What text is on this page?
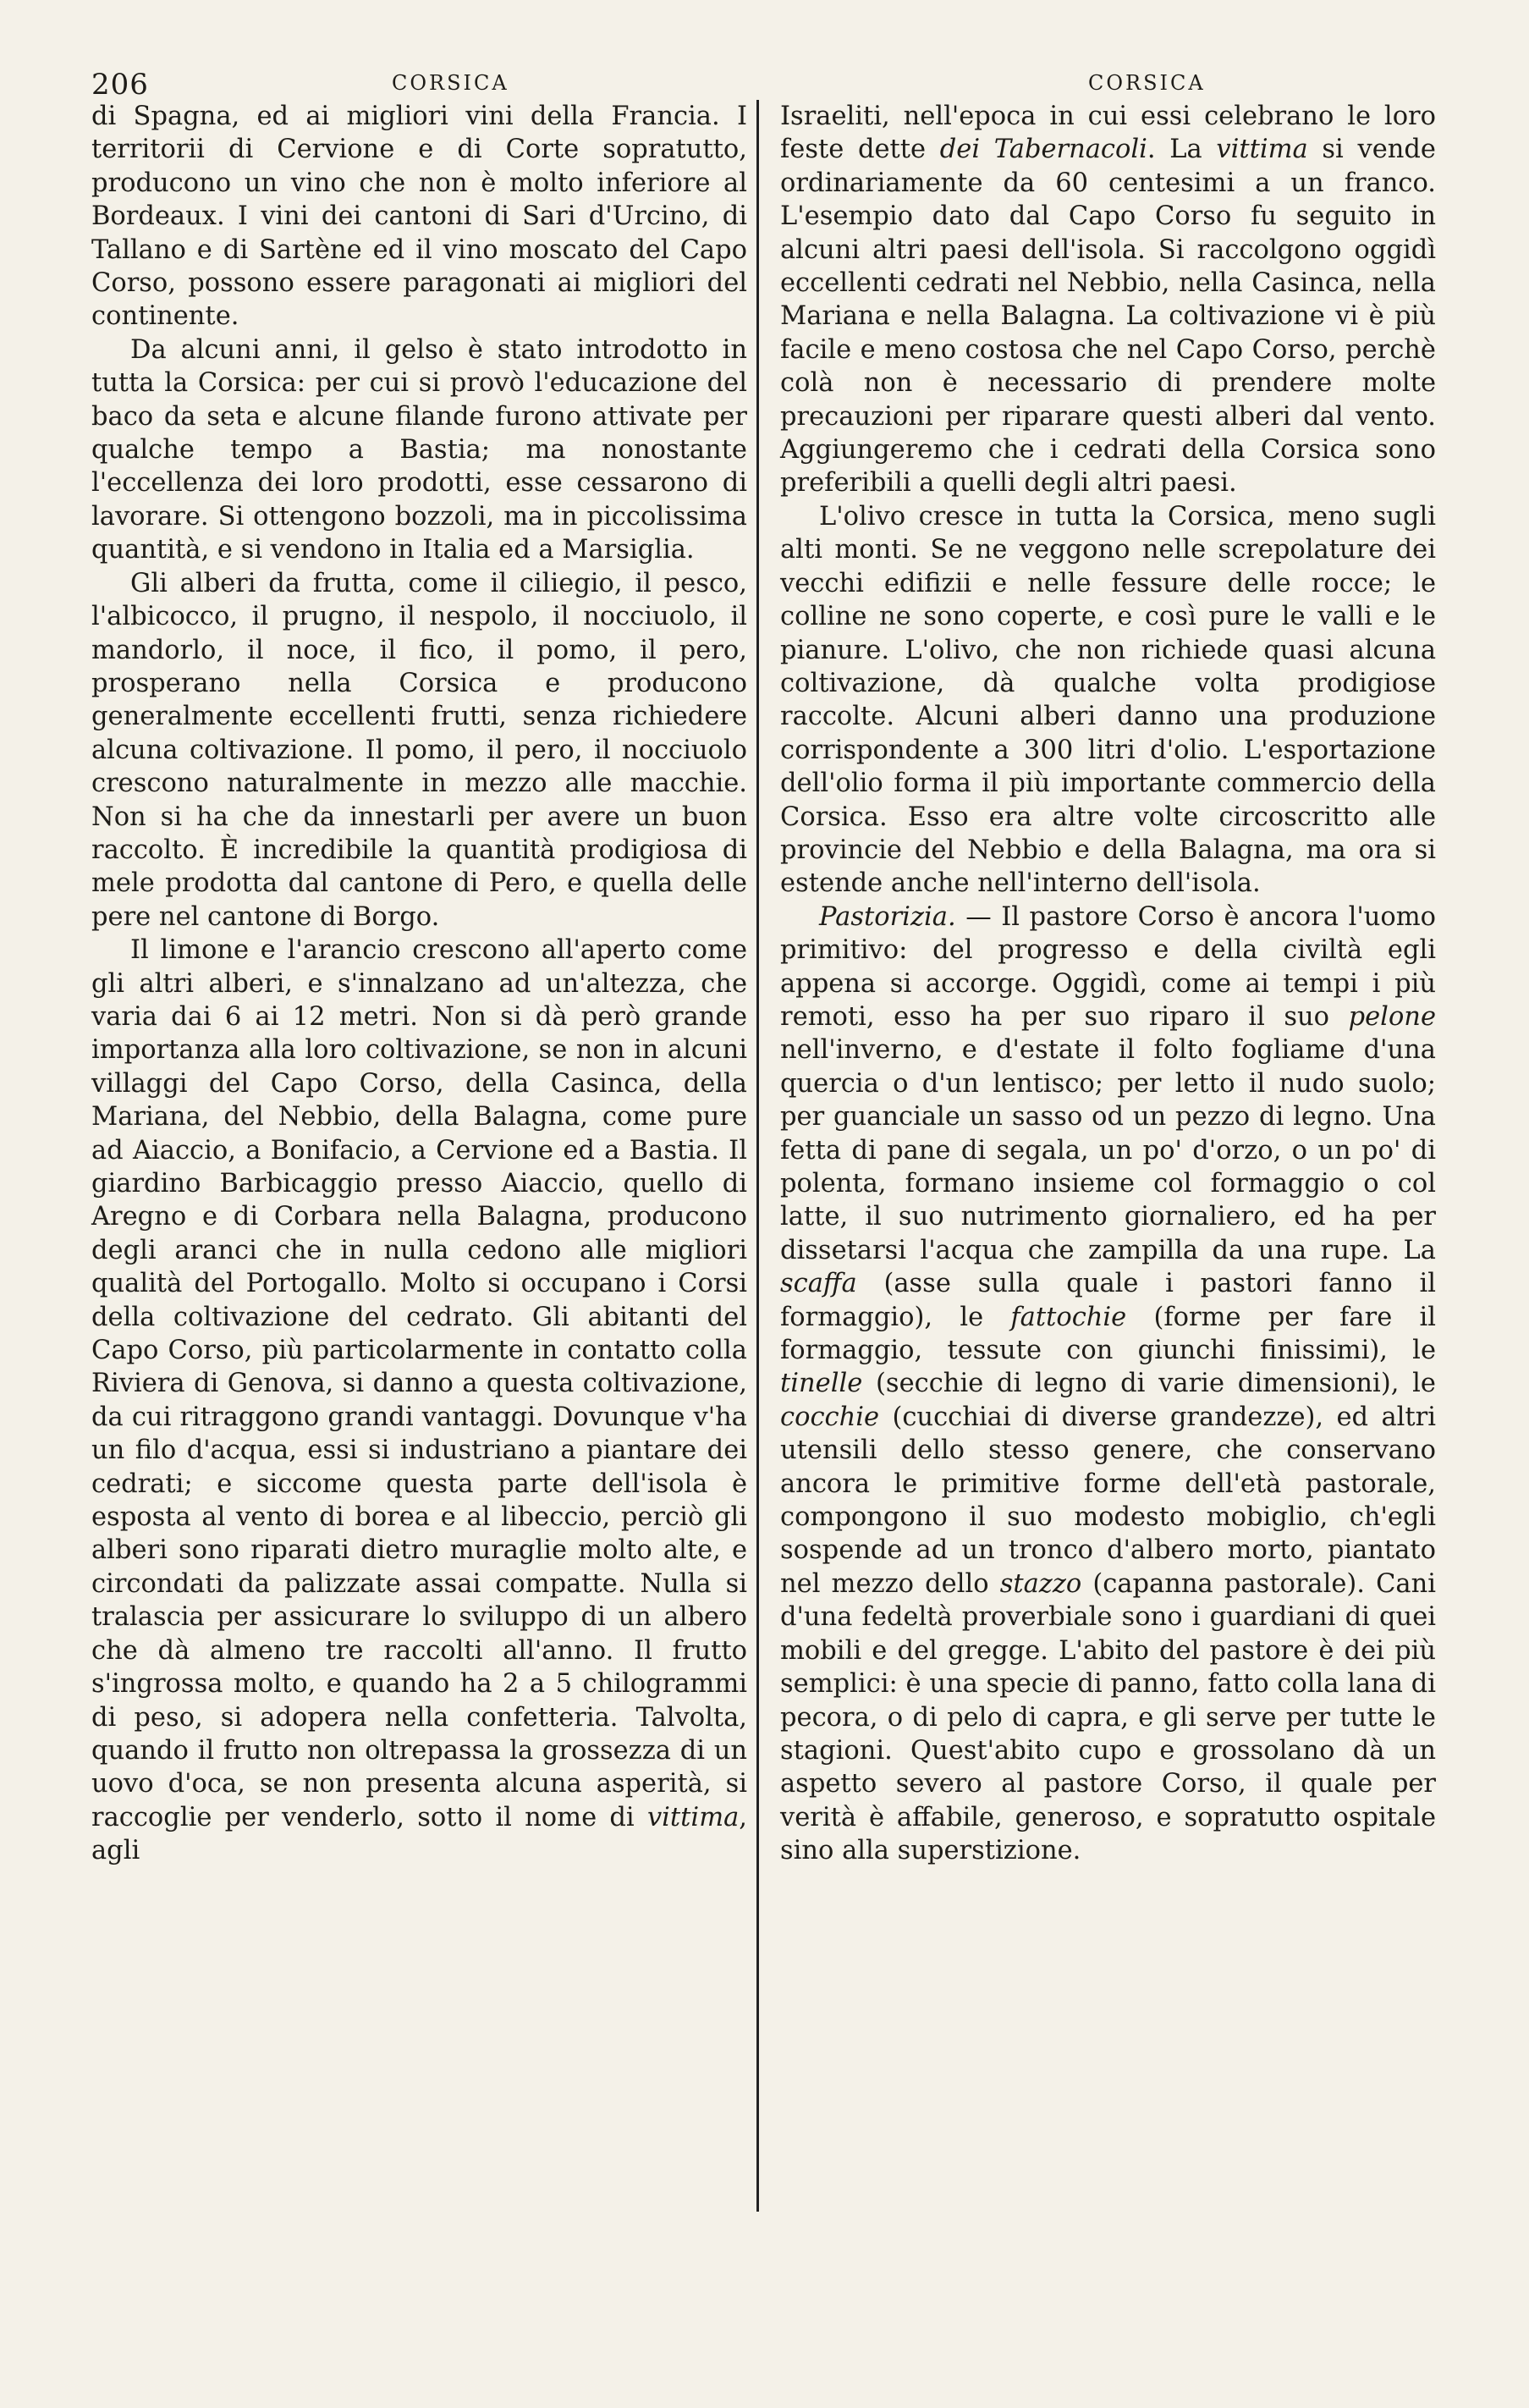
206	CORSICA	CORSICA

di Spagna, ed ai migliori vini della Francia. I territorii di Cervione e di Corte sopratutto, producono un vino che non è molto inferiore al Bordeaux. I vini dei cantoni di Sari d'Urcino, di Tallano e di Sartène ed il vino moscato del Capo Corso, possono essere paragonati ai migliori del continente.

Da alcuni anni, il gelso è stato introdotto in tutta la Corsica: per cui si provò l'educazione del baco da seta e alcune filande furono attivate per qualche tempo a Bastia; ma nonostante l'eccellenza dei loro prodotti, esse cessarono di lavorare. Si ottengono bozzoli, ma in piccolissima quantità, e si vendono in Italia ed a Marsiglia.

Gli alberi da frutta, come il ciliegio, il pesco, l'albicocco, il prugno, il nespolo, il nocciuolo, il mandorlo, il noce, il fico, il pomo, il pero, prosperano nella Corsica e producono generalmente eccellenti frutti, senza richiedere alcuna coltivazione. Il pomo, il pero, il nocciuolo crescono naturalmente in mezzo alle macchie. Non si ha che da innestarli per avere un buon raccolto. È incredibile la quantità prodigiosa di mele prodotta dal cantone di Pero, e quella delle pere nel cantone di Borgo.

Il limone e l'arancio crescono all'aperto come gli altri alberi, e s'innalzano ad un'altezza, che varia dai 6 ai 12 metri. Non si dà però grande importanza alla loro coltivazione, se non in alcuni villaggi del Capo Corso, della Casinca, della Mariana, del Nebbio, della Balagna, come pure ad Aiaccio, a Bonifacio, a Cervione ed a Bastia. Il giardino Barbicaggio presso Aiaccio, quello di Aregno e di Corbara nella Balagna, producono degli aranci che in nulla cedono alle migliori qualità del Portogallo. Molto si occupano i Corsi della coltivazione del cedrato. Gli abitanti del Capo Corso, più particolarmente in contatto colla Riviera di Genova, si danno a questa coltivazione, da cui ritraggono grandi vantaggi. Dovunque v'ha un filo d'acqua, essi si industriano a piantare dei cedrati; e siccome questa parte dell'isola è esposta al vento di borea e al libeccio, perciò gli alberi sono riparati dietro muraglie molto alte, e circondati da palizzate assai compatte. Nulla si tralascia per assicurare lo sviluppo di un albero che dà almeno tre raccolti all'anno. Il frutto s'ingrossa molto, e quando ha 2 a 5 chilogrammi di peso, si adopera nella confetteria. Talvolta, quando il frutto non oltrepassa la grossezza di un uovo d'oca, se non presenta alcuna asperità, si raccoglie per venderlo, sotto il nome di vittima, agli

Israeliti, nell'epoca in cui essi celebrano le loro feste dette dei Tabernacoli. La vittima si vende ordinariamente da 60 centesimi a un franco. L'esempio dato dal Capo Corso fu seguito in alcuni altri paesi dell'isola. Si raccolgono oggidì eccellenti cedrati nel Nebbio, nella Casinca, nella Mariana e nella Balagna. La coltivazione vi è più facile e meno costosa che nel Capo Corso, perchè colà non è necessario di prendere molte precauzioni per riparare questi alberi dal vento. Aggiungeremo che i cedrati della Corsica sono preferibili a quelli degli altri paesi.

L'olivo cresce in tutta la Corsica, meno sugli alti monti. Se ne veggono nelle screpolature dei vecchi edifizii e nelle fessure delle rocce; le colline ne sono coperte, e così pure le valli e le pianure. L'olivo, che non richiede quasi alcuna coltivazione, dà qualche volta prodigiose raccolte. Alcuni alberi danno una produzione corrispondente a 300 litri d'olio. L'esportazione dell'olio forma il più importante commercio della Corsica. Esso era altre volte circoscritto alle provincie del Nebbio e della Balagna, ma ora si estende anche nell'interno dell'isola.

Pastorizia. — Il pastore Corso è ancora l'uomo primitivo: del progresso e della civiltà egli appena si accorge. Oggidì, come ai tempi i più remoti, esso ha per suo riparo il suo pelone nell'inverno, e d'estate il folto fogliame d'una quercia o d'un lentisco; per letto il nudo suolo; per guanciale un sasso od un pezzo di legno. Una fetta di pane di segala, un po' d'orzo, o un po' di polenta, formano insieme col formaggio o col latte, il suo nutrimento giornaliero, ed ha per dissetarsi l'acqua che zampilla da una rupe. La scaffa (asse sulla quale i pastori fanno il formaggio), le fattochie (forme per fare il formaggio, tessute con giunchi finissimi), le tinelle (secchie di legno di varie dimensioni), le cocchie (cucchiai di diverse grandezze), ed altri utensili dello stesso genere, che conservano ancora le primitive forme dell'età pastorale, compongono il suo modesto mobiglio, ch'egli sospende ad un tronco d'albero morto, piantato nel mezzo dello stazzo (capanna pastorale). Cani d'una fedeltà proverbiale sono i guardiani di quei mobili e del gregge. L'abito del pastore è dei più semplici: è una specie di panno, fatto colla lana di pecora, o di pelo di capra, e gli serve per tutte le stagioni. Quest'abito cupo e grossolano dà un aspetto severo al pastore Corso, il quale per verità è affabile, generoso, e sopratutto ospitale sino alla superstizione.
